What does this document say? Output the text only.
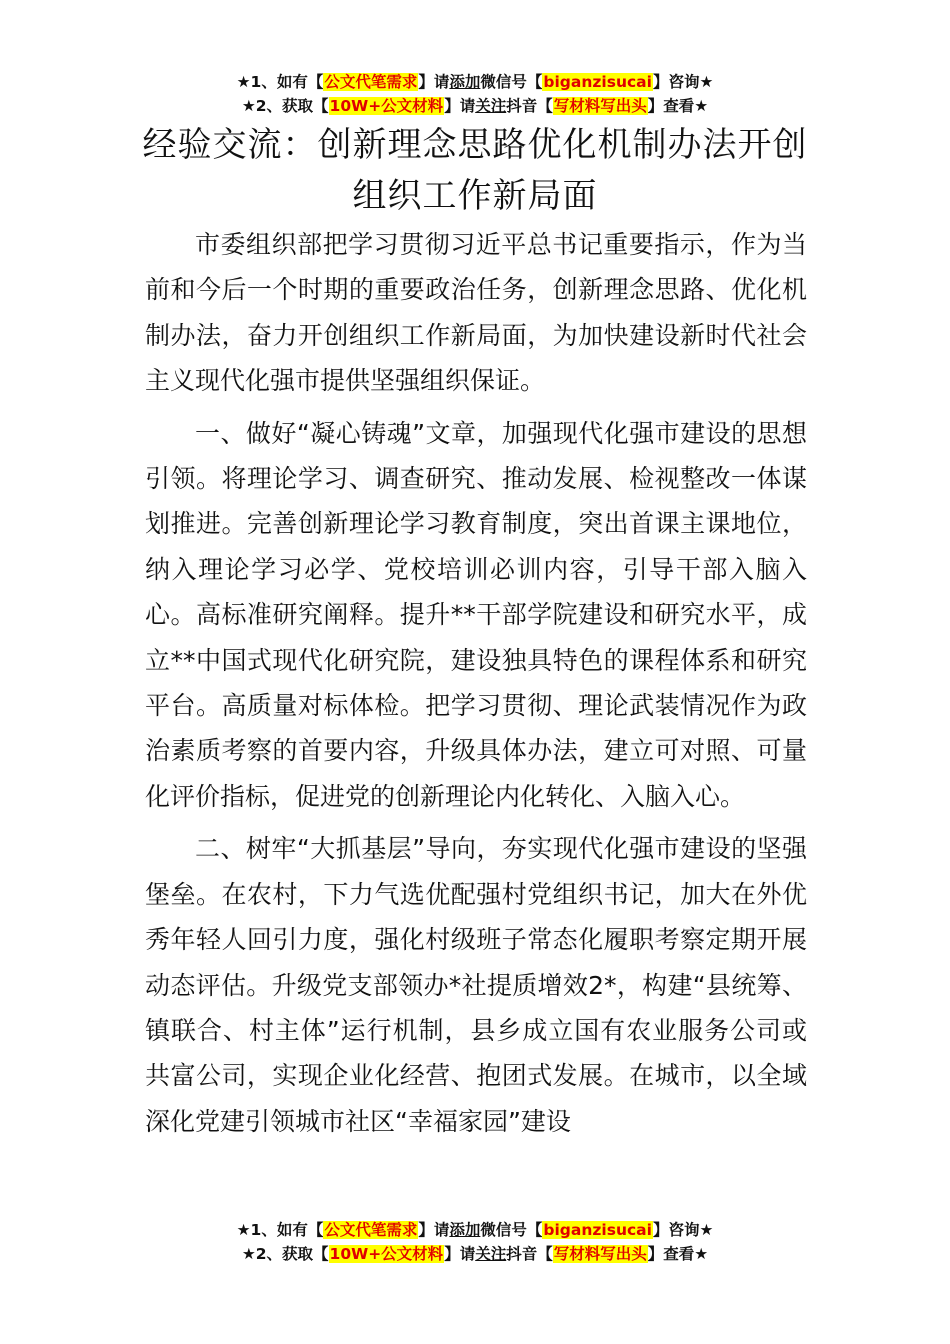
★1、如有【公文代笔需求】请添加微信号【biganzisucai】咨询★
★2、获取【10W+公文材料】请关注抖音【写材料写出头】查看★
经验交流：创新理念思路优化机制办法开创组织工作新局面

市委组织部把学习贯彻习近平总书记重要指示，作为当前和今后一个时期的重要政治任务，创新理念思路、优化机制办法，奋力开创组织工作新局面，为加快建设新时代社会主义现代化强市提供坚强组织保证。

一、做好“凝心铸魂”文章，加强现代化强市建设的思想引领。将理论学习、调查研究、推动发展、检视整改一体谋划推进。完善创新理论学习教育制度，突出首课主课地位，纳入理论学习必学、党校培训必训内容，引导干部入脑入心。高标准研究阐释。提升**干部学院建设和研究水平，成立**中国式现代化研究院，建设独具特色的课程体系和研究平台。高质量对标体检。把学习贯彻、理论武装情况作为政治素质考察的首要内容，升级具体办法，建立可对照、可量化评价指标，促进党的创新理论内化转化、入脑入心。

二、树牢“大抓基层”导向，夯实现代化强市建设的坚强堡垒。在农村，下力气选优配强村党组织书记，加大在外优秀年轻人回引力度，强化村级班子常态化履职考察定期开展动态评估。升级党支部领办*社提质增效2*，构建“县统筹、镇联合、村主体”运行机制，县乡成立国有农业服务公司或共富公司，实现企业化经营、抱团式发展。在城市，以全域深化党建引领城市社区“幸福家园”建设

★1、如有【公文代笔需求】请添加微信号【biganzisucai】咨询★
★2、获取【10W+公文材料】请关注抖音【写材料写出头】查看★
